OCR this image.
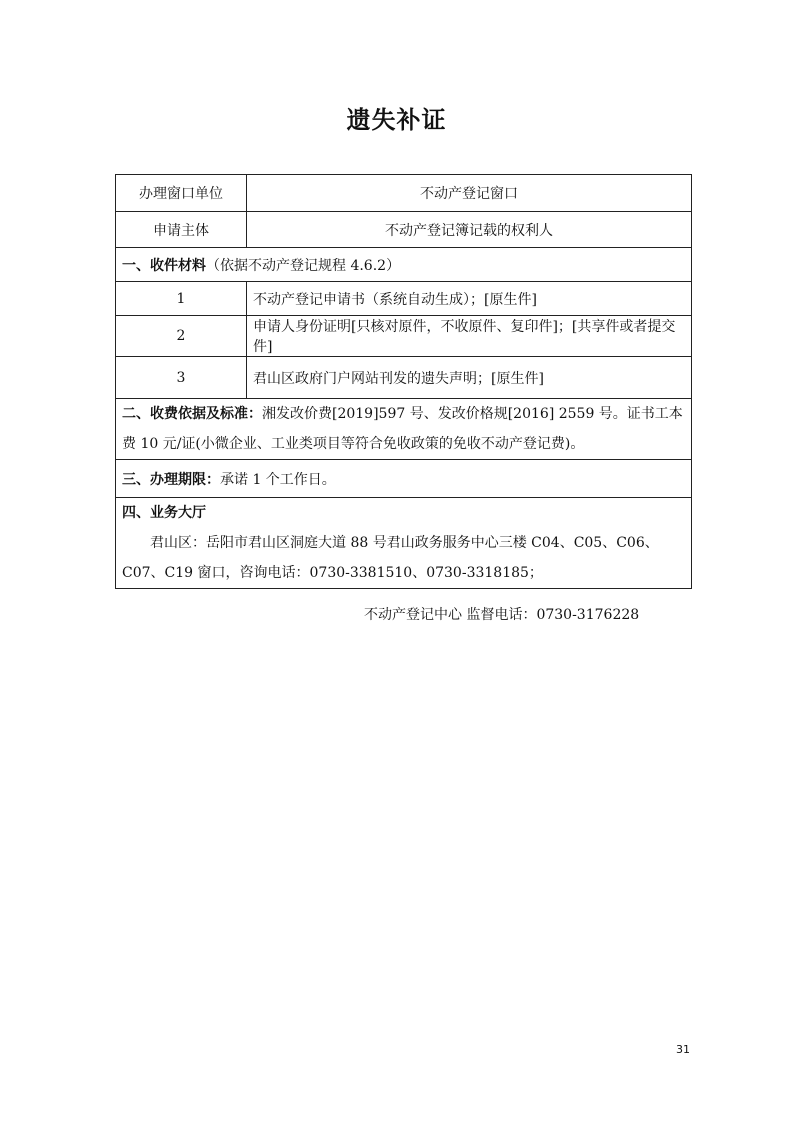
遗失补证
办理窗口单位	不动产登记窗口
申请主体	不动产登记簿记载的权利人
一、收件材料（依据不动产登记规程 4.6.2）	
1	不动产登记申请书（系统自动生成）；[原生件]
2	申请人身份证明[只核对原件，不收原件、复印件]；[共享件或者提交件]
3	君山区政府门户网站刊发的遗失声明；[原生件]
二、收费依据及标准：湘发改价费[2019]597 号、发改价格规[2016] 2559 号。证书工本费 10 元/证(小微企业、工业类项目等符合免收政策的免收不动产登记费)。	
三、办理期限：承诺 1 个工作日。	

四、业务大厅
君山区：岳阳市君山区洞庭大道 88 号君山政务服务中心三楼 C04、C05、C06、C07、C19 窗口，咨询电话：0730-3381510、0730-3318185；	
不动产登记中心 监督电话：0730-3176228
31
